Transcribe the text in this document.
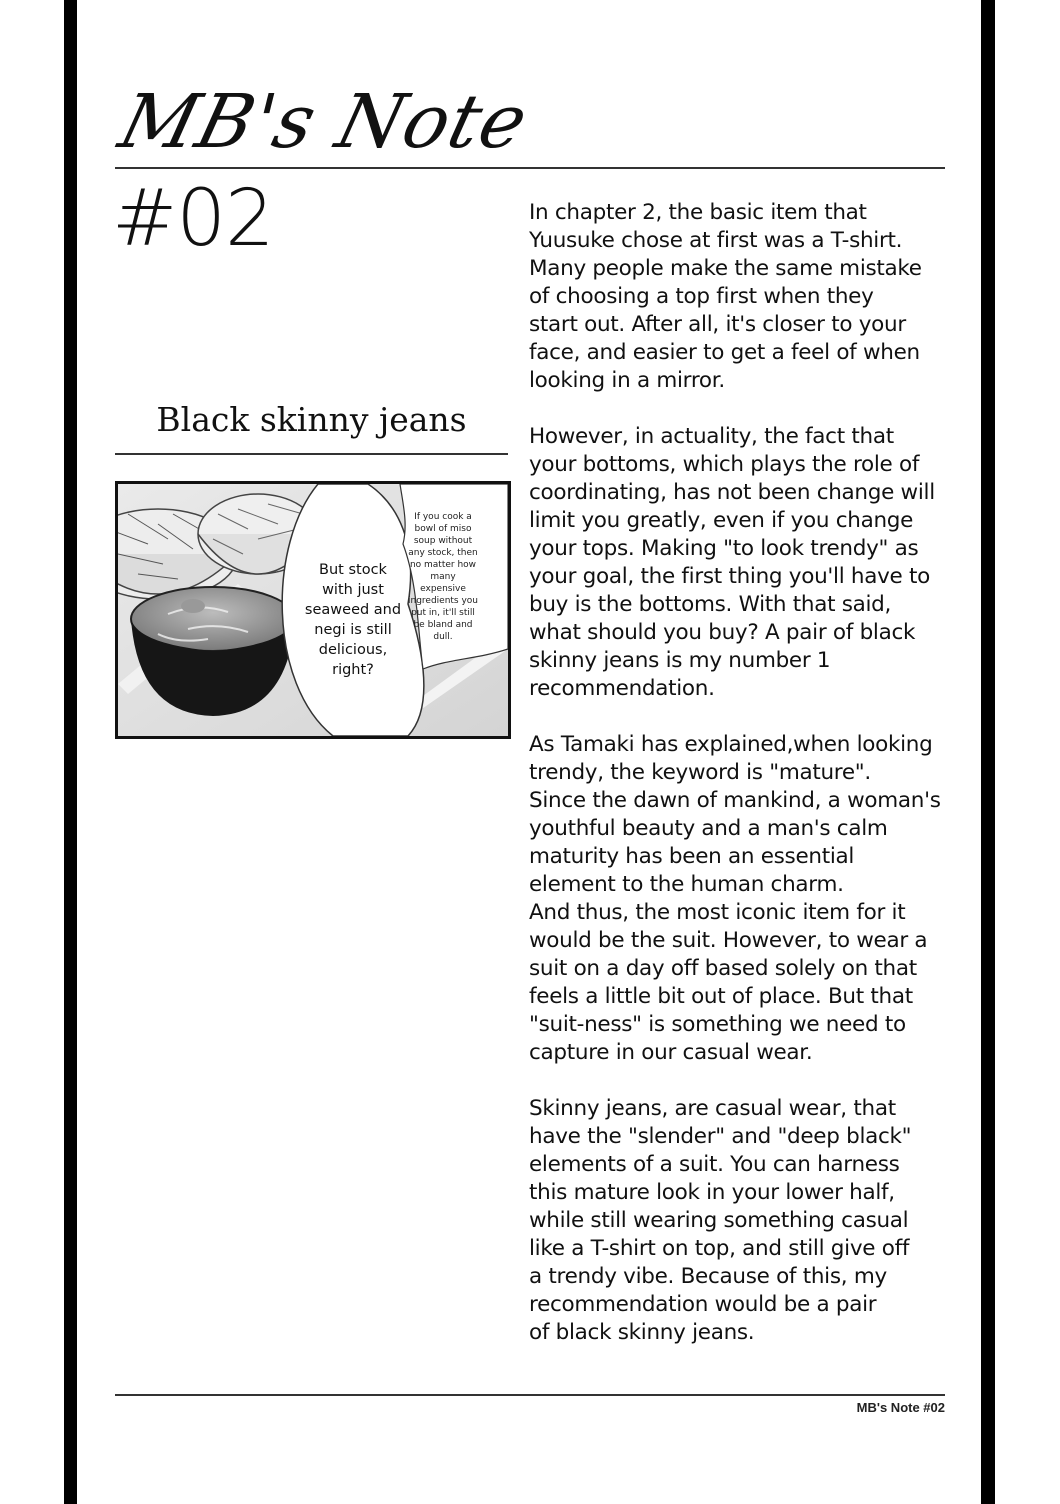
MB's Note
#02
Black skinny jeans
But stock
with just
seaweed and
negi is still
delicious,
right?
If you cook a
bowl of miso
soup without
any stock, then
no matter how
many expensive
ingredients you
put in, it'll still
be bland and
dull.

In chapter 2, the basic item that
Yuusuke chose at first was a T-shirt.
Many people make the same mistake
of choosing a top first when they
start out. After all, it's closer to your
face, and easier to get a feel of when
looking in a mirror.

However, in actuality, the fact that
your bottoms, which plays the role of
coordinating, has not been change will
limit you greatly, even if you change
your tops. Making "to look trendy" as
your goal, the first thing you'll have to
buy is the bottoms. With that said,
what should you buy? A pair of black
skinny jeans is my number 1
recommendation.

As Tamaki has explained,when looking
trendy, the keyword is "mature".
Since the dawn of mankind, a woman's
youthful beauty and a man's calm
maturity has been an essential
element to the human charm.
And thus, the most iconic item for it
would be the suit. However, to wear a
suit on a day off based solely on that
feels a little bit out of place. But that
"suit-ness" is something we need to
capture in our casual wear.

Skinny jeans, are casual wear, that
have the "slender" and "deep black"
elements of a suit. You can harness
this mature look in your lower half,
while still wearing something casual
like a T-shirt on top, and still give off
a trendy vibe. Because of this, my
recommendation would be a pair
of black skinny jeans.

MB's Note #02
